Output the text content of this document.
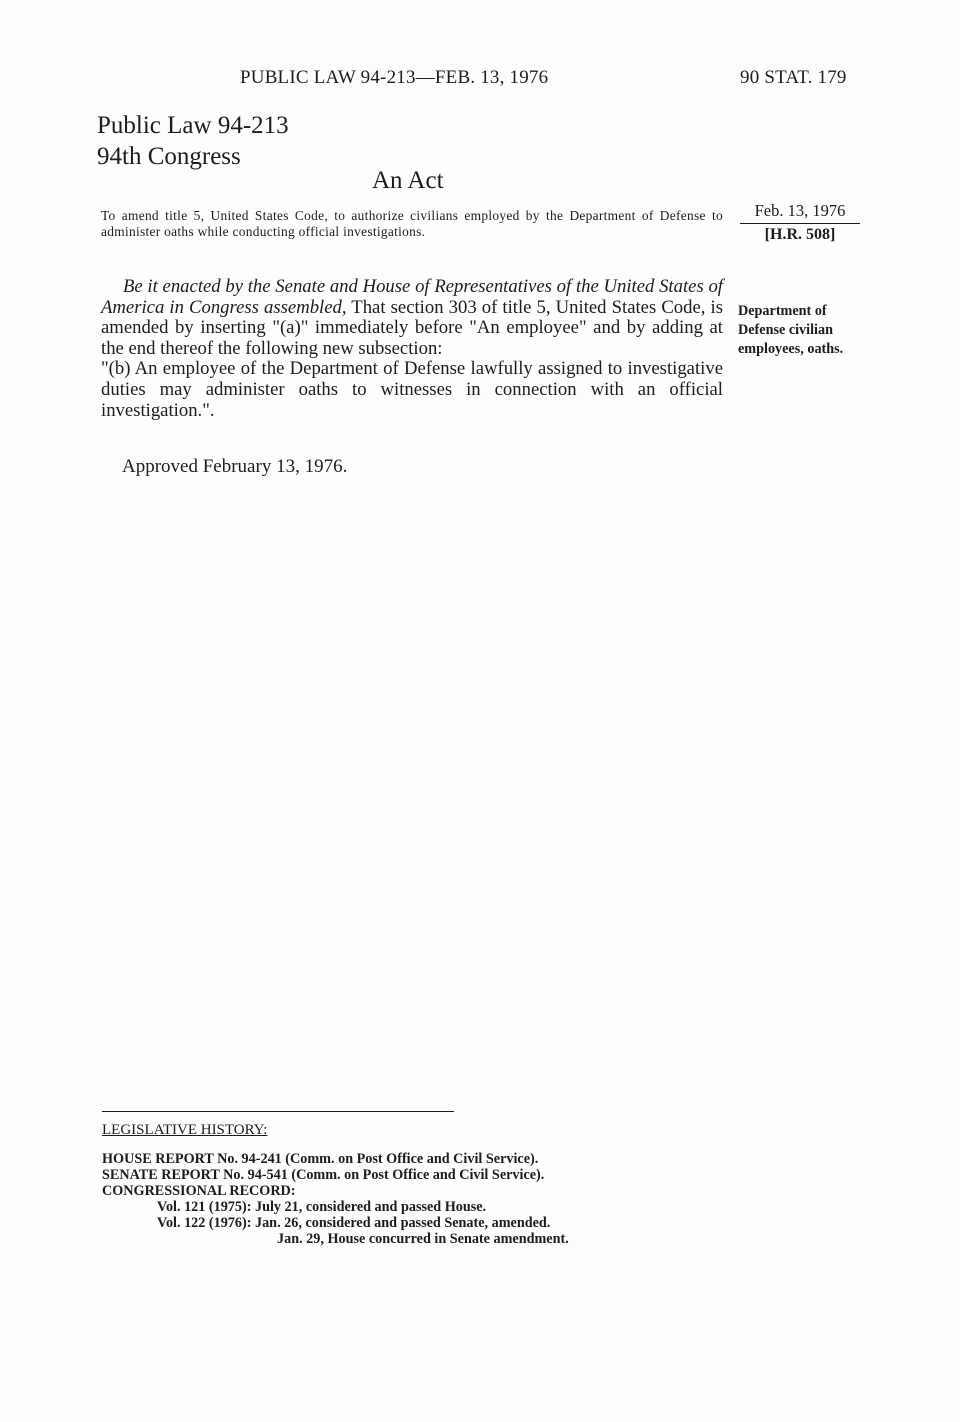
PUBLIC LAW 94-213—FEB. 13, 1976	90 STAT. 179
Public Law 94-213
94th Congress
An Act
To amend title 5, United States Code, to authorize civilians employed by the Department of Defense to administer oaths while conducting official investigations.
Feb. 13, 1976
[H.R. 508]

Be it enacted by the Senate and House of Representatives of the United States of America in Congress assembled, That section 303 of title 5, United States Code, is amended by inserting "(a)" immediately before "An employee" and by adding at the end thereof the following new subsection:

"(b) An employee of the Department of Defense lawfully assigned to investigative duties may administer oaths to witnesses in connection with an official investigation.".

Department of
Defense civilian
employees, oaths.
Approved February 13, 1976.
LEGISLATIVE HISTORY:
HOUSE REPORT No. 94-241 (Comm. on Post Office and Civil Service).
SENATE REPORT No. 94-541 (Comm. on Post Office and Civil Service).
CONGRESSIONAL RECORD:
Vol. 121 (1975): July 21, considered and passed House.
Vol. 122 (1976): Jan. 26, considered and passed Senate, amended.
Jan. 29, House concurred in Senate amendment.
